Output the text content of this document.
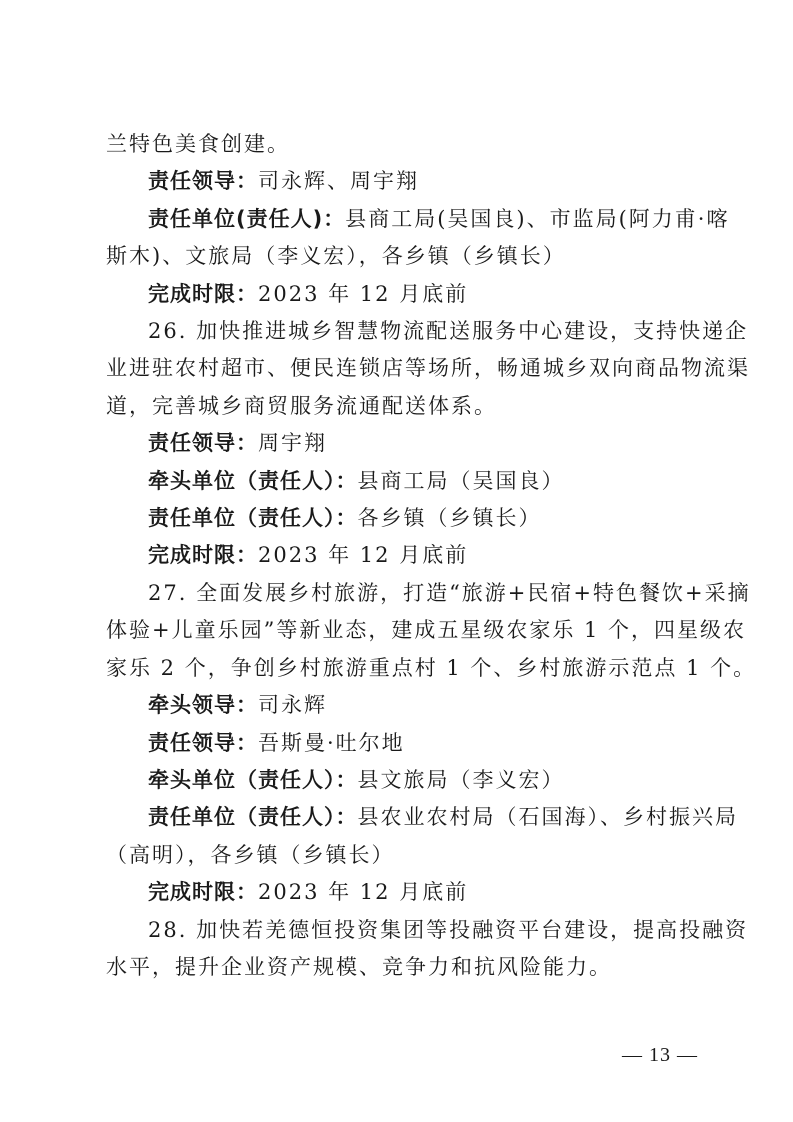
兰特色美食创建。
责任领导：司永辉、周宇翔
责任单位(责任人)：县商工局(吴国良)、市监局(阿力甫·喀
斯木)、文旅局（李义宏），各乡镇（乡镇长）
完成时限：2023 年 12 月底前
26. 加快推进城乡智慧物流配送服务中心建设，支持快递企
业进驻农村超市、便民连锁店等场所，畅通城乡双向商品物流渠
道，完善城乡商贸服务流通配送体系。
责任领导：周宇翔
牵头单位（责任人）：县商工局（吴国良）
责任单位（责任人）：各乡镇（乡镇长）
完成时限：2023 年 12 月底前
27. 全面发展乡村旅游，打造“旅游+民宿+特色餐饮+采摘
体验+儿童乐园”等新业态，建成五星级农家乐 1 个，四星级农
家乐 2 个，争创乡村旅游重点村 1 个、乡村旅游示范点 1 个。
牵头领导：司永辉
责任领导：吾斯曼·吐尔地
牵头单位（责任人）：县文旅局（李义宏）
责任单位（责任人）：县农业农村局（石国海）、乡村振兴局
（高明），各乡镇（乡镇长）
完成时限：2023 年 12 月底前
28. 加快若羌德恒投资集团等投融资平台建设，提高投融资
水平，提升企业资产规模、竞争力和抗风险能力。
— 13 —
